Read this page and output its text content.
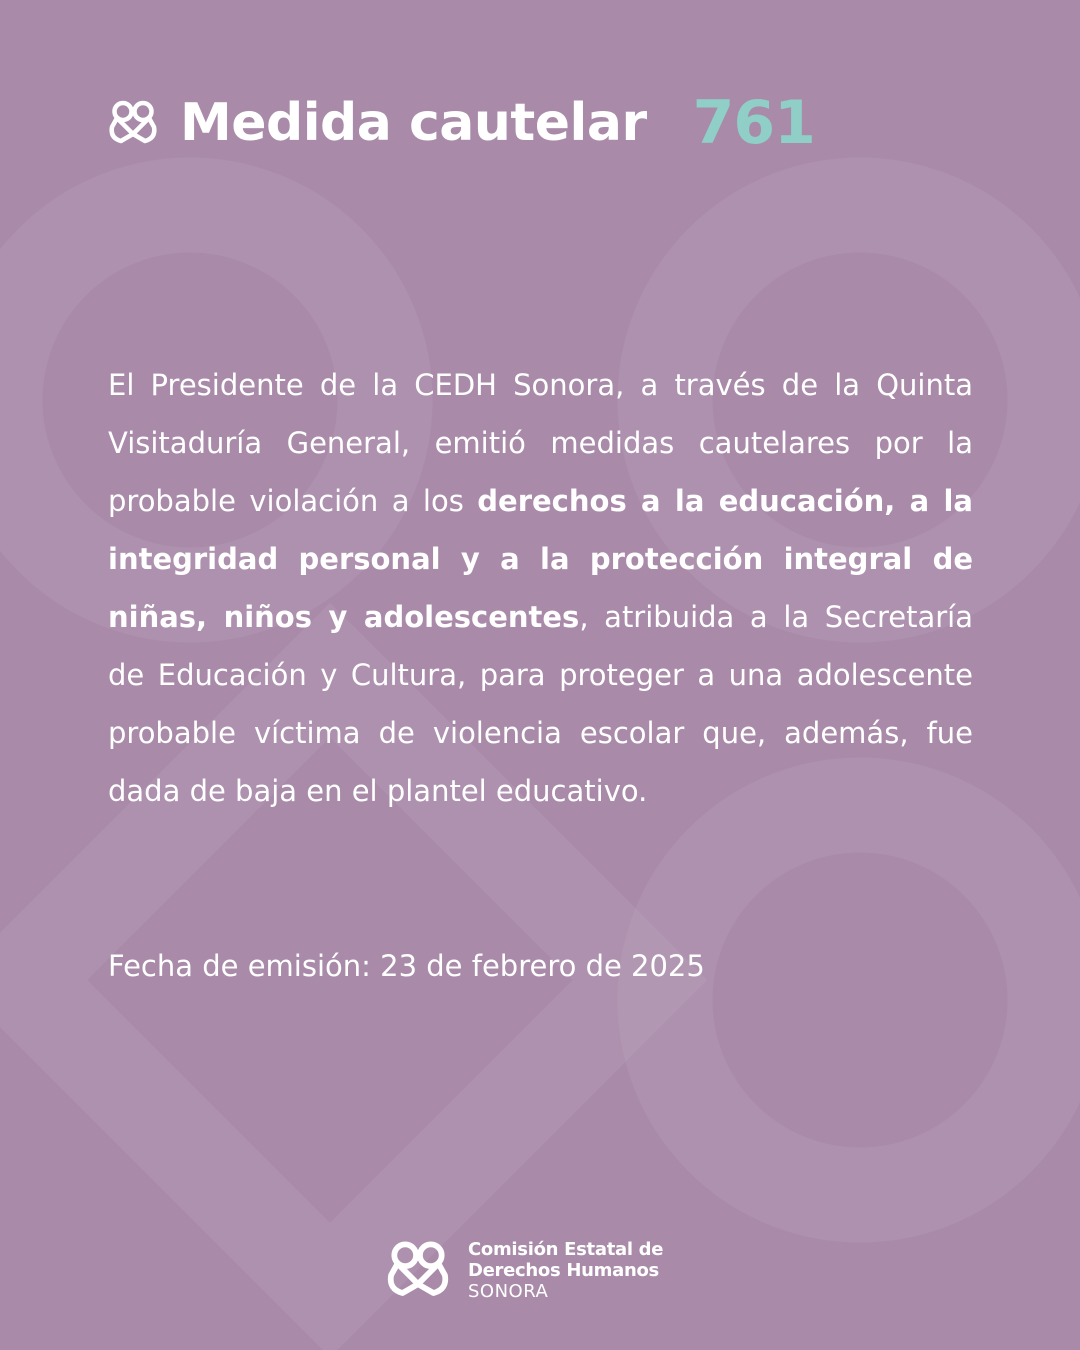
Medida cautelar 761
El Presidente de la CEDH Sonora, a través de la Quinta Visitaduría General, emitió medidas cautelares por la probable violación a los derechos a la educación, a la integridad personal y a la protección integral de niñas, niños y adolescentes, atribuida a la Secretaría de Educación y Cultura, para proteger a una adolescente probable víctima de violencia escolar que, además, fue dada de baja en el plantel educativo.
Fecha de emisión: 23 de febrero de 2025
Comisión Estatal de
Derechos Humanos
SONORA
